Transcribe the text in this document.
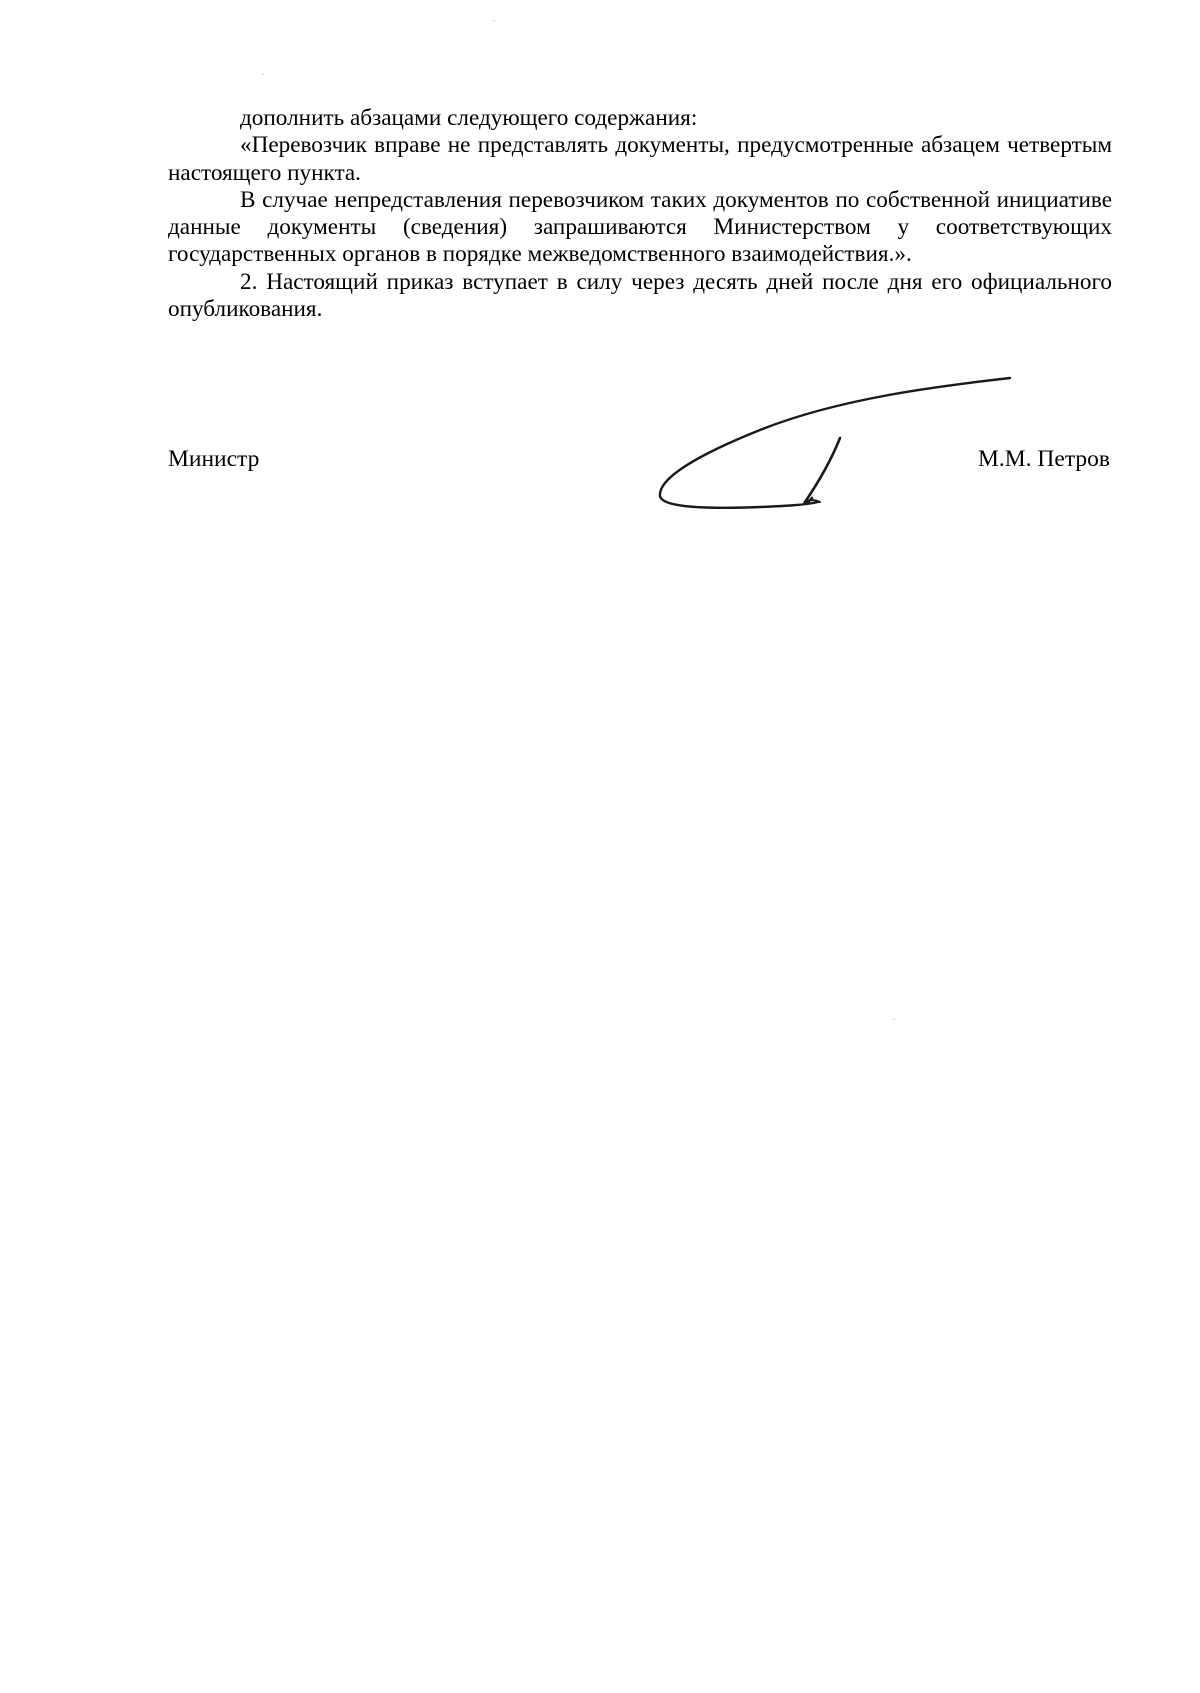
дополнить абзацами следующего содержания:

«Перевозчик вправе не представлять документы, предусмотренные абзацем четвертым настоящего пункта.

В случае непредставления перевозчиком таких документов по собственной инициативе данные документы (сведения) запрашиваются Министерством у соответствующих государственных органов в порядке межведомственного взаимодействия.».

2. Настоящий приказ вступает в силу через десять дней после дня его официального опубликования.

Министр	М.М. Петров
